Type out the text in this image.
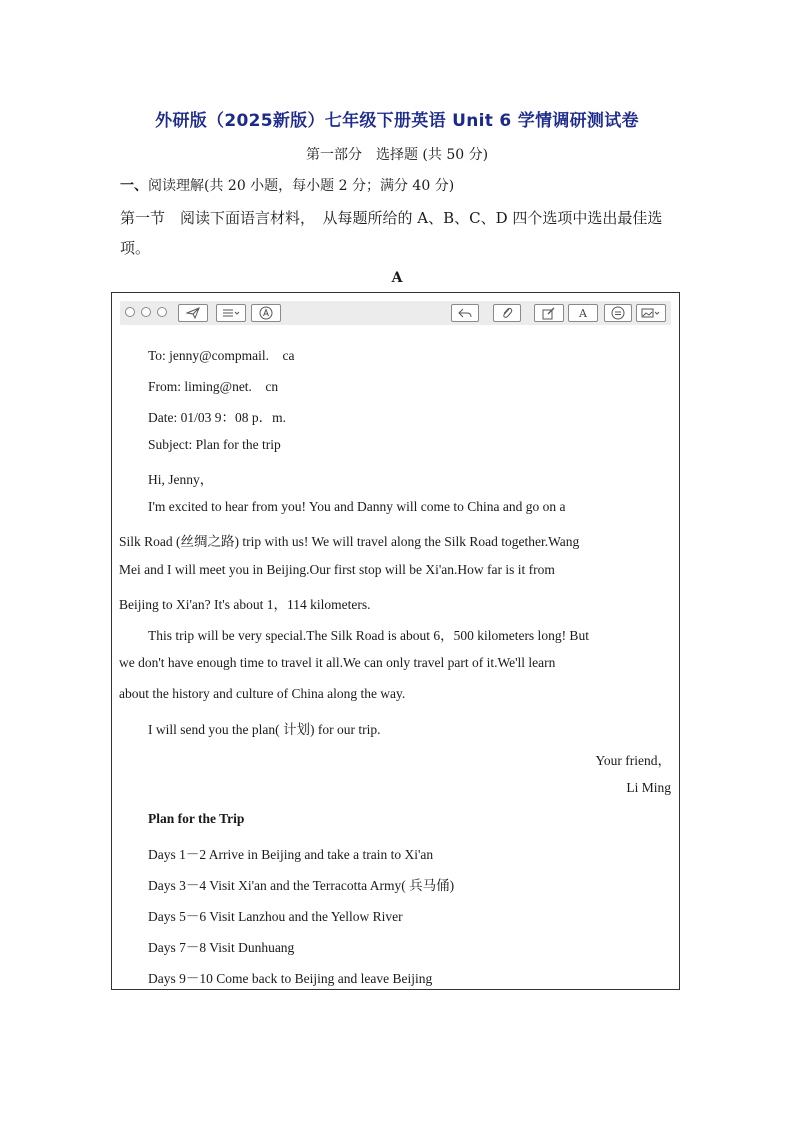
外研版（2025新版）七年级下册英语 Unit 6 学情调研测试卷
第一部分　选择题 (共 50 分)
一、阅读理解(共 20 小题，每小题 2 分；满分 40 分)
第一节　阅读下面语言材料，　从每题所给的 A、B、C、D 四个选项中选出最佳选项。
A
A
To: jenny@compmail.　ca
From: liming@net.　cn
Date: 01/03 9：08 p．m.
Subject: Plan for the trip
Hi, Jenny，
I'm excited to hear from you! You and Danny will come to China and go on a
Silk Road (丝绸之路) trip with us! We will travel along the Silk Road together.Wang
Mei and I will meet you in Beijing.Our first stop will be Xi'an.How far is it from
Beijing to Xi'an? It's about 1，114 kilometers.
This trip will be very special.The Silk Road is about 6，500 kilometers long! But
we don't have enough time to travel it all.We can only travel part of it.We'll learn
about the history and culture of China along the way.
I will send you the plan( 计划) for our trip.
Your friend，
Li Ming
Plan for the Trip
Days 1－2 Arrive in Beijing and take a train to Xi'an
Days 3－4 Visit Xi'an and the Terracotta Army( 兵马俑)
Days 5－6 Visit Lanzhou and the Yellow River
Days 7－8 Visit Dunhuang
Days 9－10 Come back to Beijing and leave Beijing
